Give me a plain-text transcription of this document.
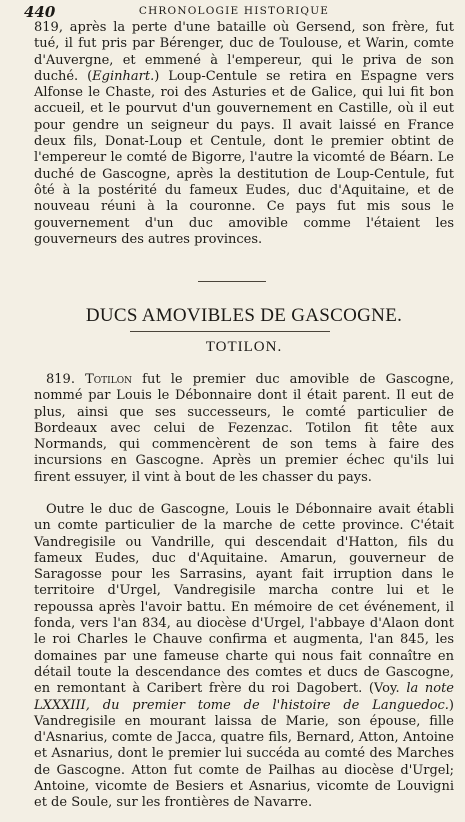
440	CHRONOLOGIE HISTORIQUE

819, après la perte d'une bataille où Gersend, son frère, fut tué, il fut pris par Bérenger, duc de Toulouse, et Warin, comte d'Auvergne, et emmené à l'empereur, qui le priva de son duché. (Eginhart.) Loup-Centule se retira en Espagne vers Alfonse le Chaste, roi des Asturies et de Galice, qui lui fit bon accueil, et le pourvut d'un gouvernement en Castille, où il eut pour gendre un seigneur du pays. Il avait laissé en France deux fils, Donat-Loup et Centule, dont le premier obtint de l'empereur le comté de Bigorre, l'autre la vicomté de Béarn. Le duché de Gascogne, après la destitution de Loup-Centule, fut ôté à la postérité du fameux Eudes, duc d'Aquitaine, et de nouveau réuni à la couronne. Ce pays fut mis sous le gouvernement d'un duc amovible comme l'étaient les gouverneurs des autres provinces.

DUCS AMOVIBLES DE GASCOGNE.
TOTILON.

819. Totilon fut le premier duc amovible de Gascogne, nommé par Louis le Débonnaire dont il était parent. Il eut de plus, ainsi que ses successeurs, le comté particulier de Bordeaux avec celui de Fezenzac. Totilon fit tête aux Normands, qui commencèrent de son tems à faire des incursions en Gascogne. Après un premier échec qu'ils lui firent essuyer, il vint à bout de les chasser du pays.

Outre le duc de Gascogne, Louis le Débonnaire avait établi un comte particulier de la marche de cette province. C'était Vandregisile ou Vandrille, qui descendait d'Hatton, fils du fameux Eudes, duc d'Aquitaine. Amarun, gouverneur de Saragosse pour les Sarrasins, ayant fait irruption dans le territoire d'Urgel, Vandregisile marcha contre lui et le repoussa après l'avoir battu. En mémoire de cet événement, il fonda, vers l'an 834, au diocèse d'Urgel, l'abbaye d'Alaon dont le roi Charles le Chauve confirma et augmenta, l'an 845, les domaines par une fameuse charte qui nous fait connaître en détail toute la descendance des comtes et ducs de Gascogne, en remontant à Caribert frère du roi Dagobert. (Voy. la note LXXXIII, du premier tome de l'histoire de Languedoc.) Vandregisile en mourant laissa de Marie, son épouse, fille d'Asnarius, comte de Jacca, quatre fils, Bernard, Atton, Antoine et Asnarius, dont le premier lui succéda au comté des Marches de Gascogne. Atton fut comte de Pailhas au diocèse d'Urgel; Antoine, vicomte de Besiers et Asnarius, vicomte de Louvigni et de Soule, sur les frontières de Navarre.
